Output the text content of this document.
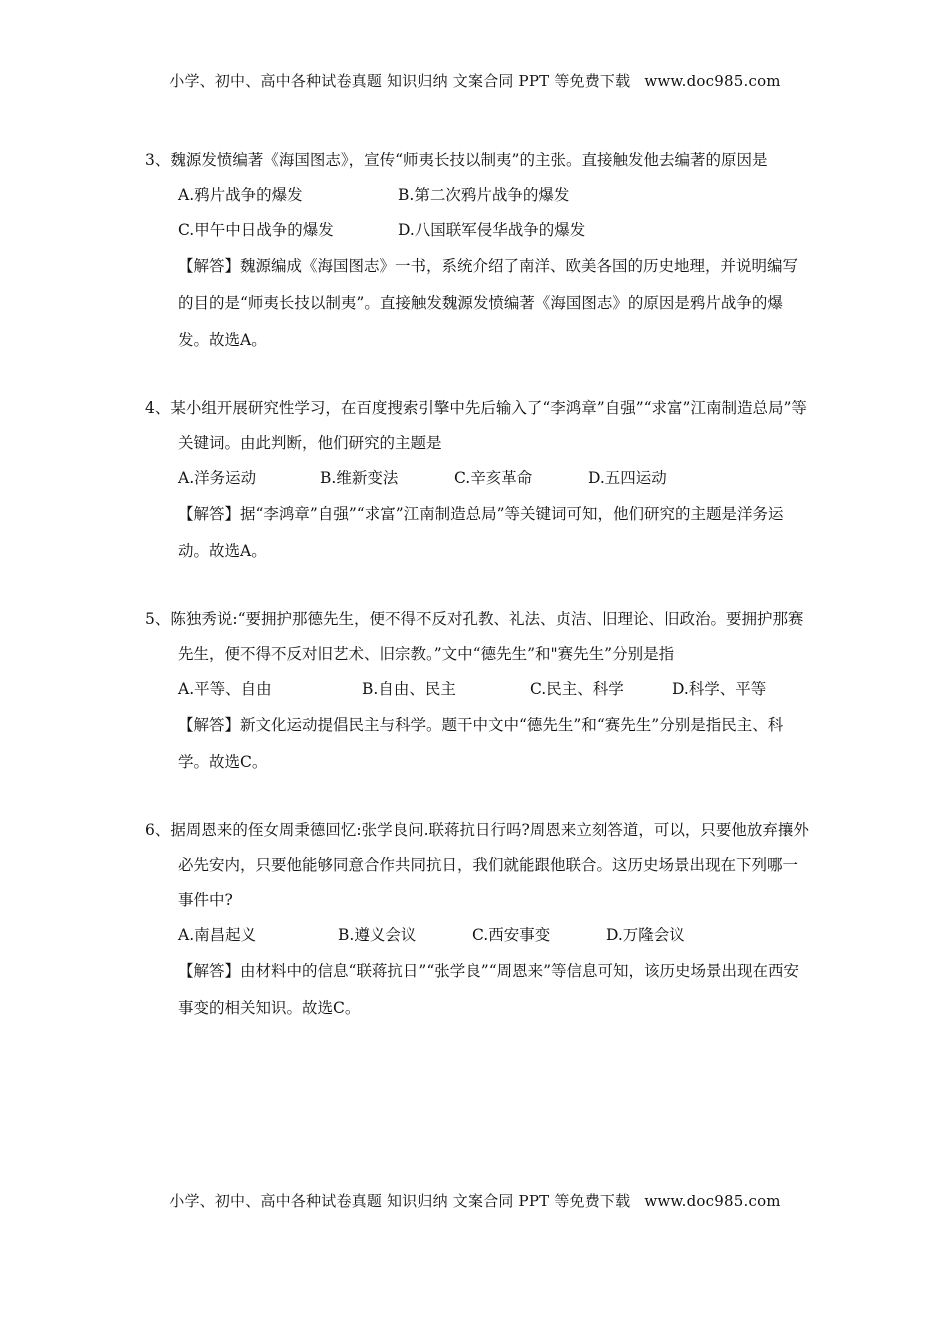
小学、初中、高中各种试卷真题 知识归纳 文案合同 PPT 等免费下载 www.doc985.com

3、魏源发愤编著《海国图志》，宣传“师夷长技以制夷”的主张。直接触发他去编著的原因是

A.鸦片战争的爆发	B.第二次鸦片战争的爆发
C.甲午中日战争的爆发	D.八国联军侵华战争的爆发

【解答】魏源编成《海国图志》一书，系统介绍了南洋、欧美各国的历史地理，并说明编写的目的是“师夷长技以制夷”。直接触发魏源发愤编著《海国图志》的原因是鸦片战争的爆发。故选A。

4、某小组开展研究性学习，在百度搜索引擎中先后输入了“李鸿章”自强”“求富”江南制造总局”等关键词。由此判断，他们研究的主题是

A.洋务运动	B.维新变法	C.辛亥革命	D.五四运动

【解答】据“李鸿章”自强”“求富”江南制造总局”等关键词可知，他们研究的主题是洋务运动。故选A。

5、陈独秀说:“要拥护那德先生，便不得不反对孔教、礼法、贞洁、旧理论、旧政治。要拥护那赛先生，便不得不反对旧艺术、旧宗教。”文中“德先生”和"赛先生”分别是指

A.平等、自由	B.自由、民主	C.民主、科学	D.科学、平等

【解答】新文化运动提倡民主与科学。题干中文中“德先生”和“赛先生”分别是指民主、科学。故选C。

6、据周恩来的侄女周秉德回忆:张学良问.联蒋抗日行吗?周恩来立刻答道，可以，只要他放弃攘外必先安内，只要他能够同意合作共同抗日，我们就能跟他联合。这历史场景出现在下列哪一事件中?

A.南昌起义	B.遵义会议	C.西安事变	D.万隆会议

【解答】由材料中的信息“联蒋抗日”“张学良”“周恩来”等信息可知，该历史场景出现在西安事变的相关知识。故选C。

小学、初中、高中各种试卷真题 知识归纳 文案合同 PPT 等免费下载 www.doc985.com
